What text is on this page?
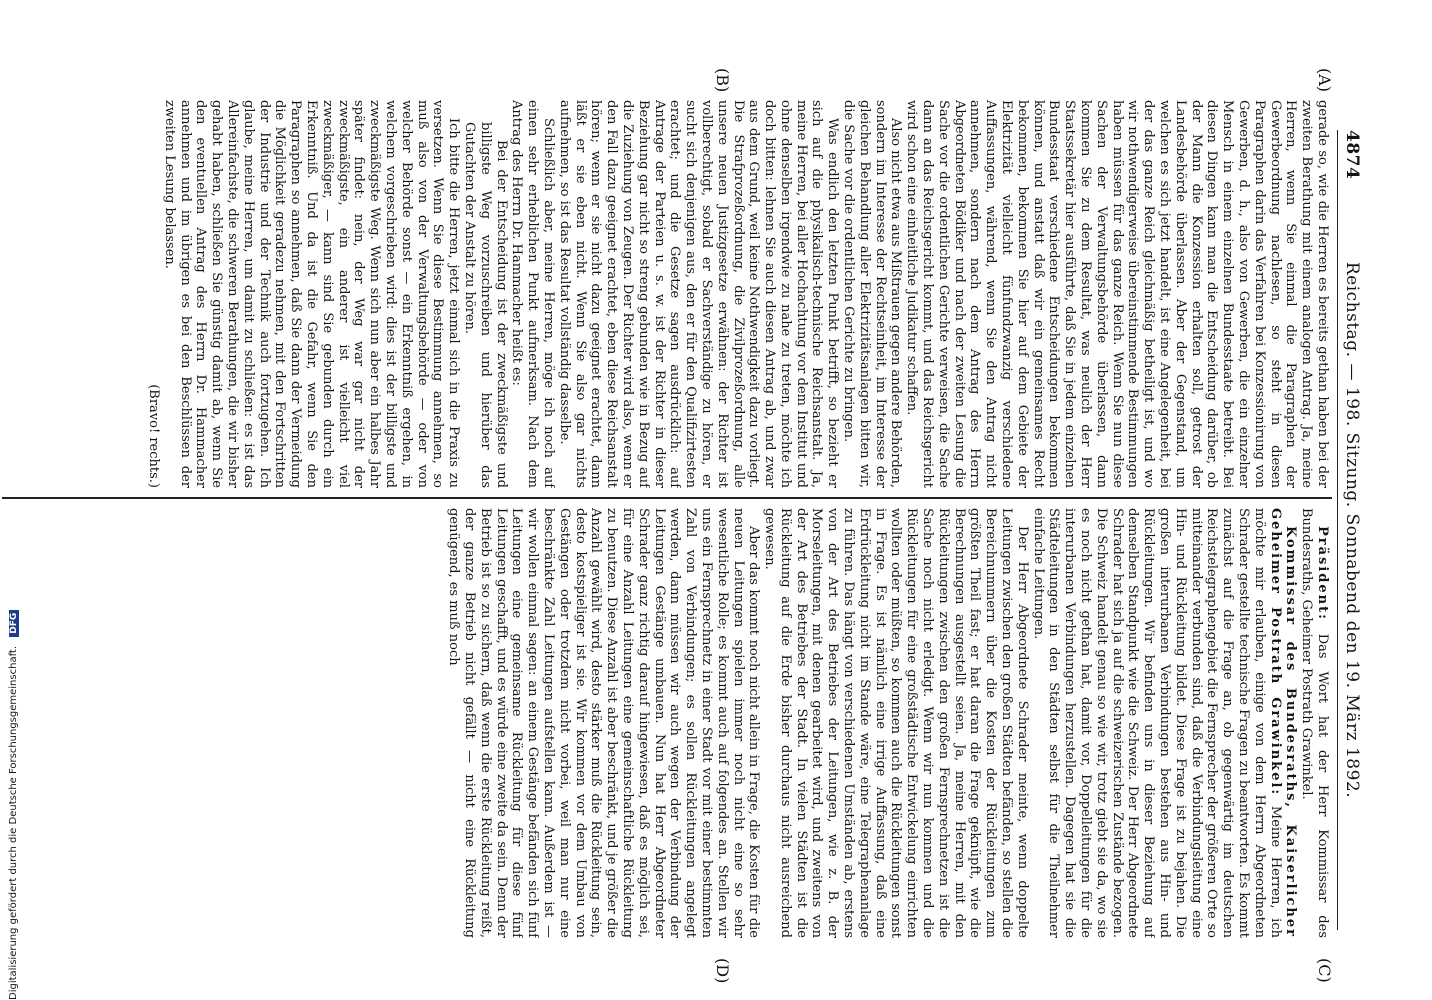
4874
Reichstag. — 198. Sitzung. Sonnabend den 19. März 1892.
(A)
(B)
(C)
(D)

gerade so, wie die Herren es bereits gethan haben bei der zweiten Berathung mit einem analogen Antrag. Ja, meine Herren, wenn Sie einmal die Paragraphen der Gewerbeordnung nachlesen, so steht in diesen Paragraphen darin das Verfahren bei Konzessionirung von Gewerben, d. h., also von Gewerben, die ein einzelner Mensch in einem einzelnen Bundesstaate betreibt. Bei diesen Dingen kann man die Entscheidung darüber, ob der Mann die Konzession erhalten soll, getrost der Landesbehörde überlassen. Aber der Gegenstand, um welchen es sich jetzt handelt, ist eine Angelegenheit, bei der das ganze Reich gleichmäßig betheiligt ist, und wo wir nothwendigerweise übereinstimmende Bestimmungen haben müssen für das ganze Reich. Wenn Sie nun diese Sachen der Verwaltungsbehörde überlassen, dann kommen Sie zu dem Resultat, was neulich der Herr Staatssekretär hier ausführte, daß Sie in jedem einzelnen Bundesstaat verschiedene Entscheidungen bekommen können, und anstatt daß wir ein gemeinsames Recht bekommen, bekommen Sie hier auf dem Gebiete der Elektrizität vielleicht fünfundzwanzig verschiedene Auffassungen, während, wenn Sie den Antrag nicht annehmen, sondern nach dem Antrag des Herrn Abgeordneten Bödiker und nach der zweiten Lesung die Sache vor die ordentlichen Gerichte verweisen, die Sache dann an das Reichsgericht kommt, und das Reichsgericht wird schon eine einheitliche Judikatur schaffen.

Also nicht etwa aus Mißtrauen gegen andere Behörden, sondern im Interesse der Rechtseinheit, im Interesse der gleichen Behandlung aller Elektrizitätsanlagen bitten wir, die Sache vor die ordentlichen Gerichte zu bringen.

Was endlich den letzten Punkt betrifft, so bezieht er sich auf die physikalisch-technische Reichsanstalt. Ja, meine Herren, bei aller Hochachtung vor dem Institut und ohne denselben irgendwie zu nahe zu treten, möchte ich doch bitten: lehnen Sie auch diesen Antrag ab, und zwar aus dem Grund, weil keine Nothwendigkeit dazu vorliegt. Die Strafprozeßordnung, die Zivilprozeßordnung, alle unsere neuen Justizgesetze erwähnen: der Richter ist vollberechtigt, sobald er Sachverständige zu hören, er sucht sich denjenigen aus, den er für den Qualifizirtesten erachtet; und die Gesetze sagen ausdrücklich: auf Antrage der Parteien u. s. w. ist der Richter in dieser Beziehung gar nicht so streng gebunden wie in Bezug auf die Zuziehung von Zeugen. Der Richter wird also, wenn er den Fall dazu geeignet erachtet, eben diese Reichsanstalt hören; wenn er sie nicht dazu geeignet erachtet, dann läßt er sie eben nicht. Wenn Sie also gar nichts aufnehmen, so ist das Resultat vollständig dasselbe.

Schließlich aber, meine Herren, möge ich noch auf einen sehr erheblichen Punkt aufmerksam. Nach dem Antrag des Herrn Dr. Hammacher heißt es:

Bei der Entscheidung ist der zweckmäßigste und billigste Weg vorzuschreiben und hierüber das Gutachten der Anstalt zu hören.

Ich bitte die Herren, jetzt einmal sich in die Praxis zu versetzen. Wenn Sie diese Bestimmung annehmen, so muß also von der Verwaltungsbehörde — oder von welcher Behörde sonst — ein Erkenntniß ergehen, in welchem vorgeschrieben wird: dies ist der billigste und zweckmäßigste Weg. Wenn sich nun aber ein halbes Jahr später findet: nein, der Weg war gar nicht der zweckmäßigste, ein anderer ist vielleicht viel zweckmäßiger, — kann sind Sie gebunden durch ein Erkenntniß. Und da ist die Gefahr, wenn Sie den Paragraphen so annehmen, daß Sie dann der Vermeidung die Möglichkeit geradezu nehmen, mit den Fortschritten der Industrie und der Technik auch fortzugehen. Ich glaube, meine Herren, um damit zu schließen: es ist das Allereinfachste, die schweren Berathungen, die wir bisher gehabt haben, schließen Sie günstig damit ab, wenn Sie den eventuellen Antrag des Herrn Dr. Hammacher annehmen und im übrigen es bei den Beschlüssen der zweiten Lesung belassen.

(Bravo! rechts.)

Präsident: Das Wort hat der Herr Kommissar des Bundesraths, Geheimer Postrath Grawinkel.

Kommissar des Bundesraths, Kaiserlicher Geheimer Postrath Grawinkel: Meine Herren, ich möchte mir erlauben, einige von dem Herrn Abgeordneten Schrader gestellte technische Fragen zu beantworten. Es kommt zunächst auf die Frage an, ob gegenwärtig im deutschen Reichstelegraphengebiet die Fernsprecher der größeren Orte so mitteinander verbunden sind, daß die Verbindungsleitung eine Hin- und Rückleitung bildet. Diese Frage ist zu bejahen. Die großen interurbanen Verbindungen bestehen aus Hin- und Rückleitungen. Wir befinden uns in dieser Beziehung auf demselben Standpunkt wie die Schweiz. Der Herr Abgeordnete Schrader hat sich ja auf die schweizerischen Zustände bezogen. Die Schweiz handelt genau so wie wir, trotz giebt sie da, wo sie es noch nicht gethan hat, damit vor, Doppelleitungen für die interurbanen Verbindungen herzustellen. Dagegen hat sie die Städteleitungen in den Städten selbst für die Theilnehmer einfache Leitungen.

Der Herr Abgeordnete Schrader meinte, wenn doppelte Leitungen zwischen den großen Städten befänden, so stellen die Bereichnummern über die Kosten der Rückleitungen zum größten Theil fast; er hat daran die Frage geknüpft, wie die Berechnungen ausgestellt seien. Ja, meine Herren, mit den Rückleitungen zwischen den großen Fernsprechnetzen ist die Sache noch nicht erledigt. Wenn wir nun kommen und die Rückleitungen für eine großstädtische Entwickelung einrichten wollten oder müßten, so kommen auch die Rückleitungen sonst in Frage. Es ist nämlich eine irrige Auffassung, daß eine Erdrückleitung nicht im Stande wäre, eine Telegraphenanlage zu führen. Das hängt von verschiedenen Umständen ab, erstens von der Art des Betriebes der Leitungen, wie z. B. der Morseleitungen, mit denen gearbeitet wird, und zweitens von der Art des Betriebes der Stadt. In vielen Städten ist die Rückleitung auf die Erde bisher durchaus nicht ausreichend gewesen.

Aber das kommt noch nicht allein in Frage, die Kosten für die neuen Leitungen spielen immer noch nicht eine so sehr wesentliche Rolle; es kommt auch auf folgendes an. Stellen wir uns ein Fernsprechnetz in einer Stadt vor mit einer bestimmten Zahl von Verbindungen; es sollen Rückleitungen angelegt werden, dann müssen wir auch wegen der Verbindung der Leitungen Gestänge umbauen. Nun hat Herr Abgeordneter Schrader ganz richtig darauf hingewiesen, daß es möglich sei, für eine Anzahl Leitungen eine gemeinschaftliche Rückleitung zu benutzen. Diese Anzahl ist aber beschränkt, und je größer die Anzahl gewählt wird, desto stärker muß die Rückleitung sein, desto kostspieliger ist sie. Wir kommen vor dem Umbau von Gestängen oder trotzdem nicht vorbei, weil man nur eine beschränkte Zahl Leitungen aufstellen kann. Außerdem ist — wir wollen einmal sagen: an einem Gestänge befänden sich fünf Leitungen eine gemeinsame Rückleitung für diese fünf Leitungen geschafft, und es würde eine zweite da sein. Denn der Betrieb ist so zu sichern, daß wenn die erste Rückleitung reißt, der ganze Betrieb nicht gefällt — nicht eine Rückleitung genügend, es muß noch

Digitalisierung gefördert durch die Deutsche Forschungsgemeinschaft. DFG
